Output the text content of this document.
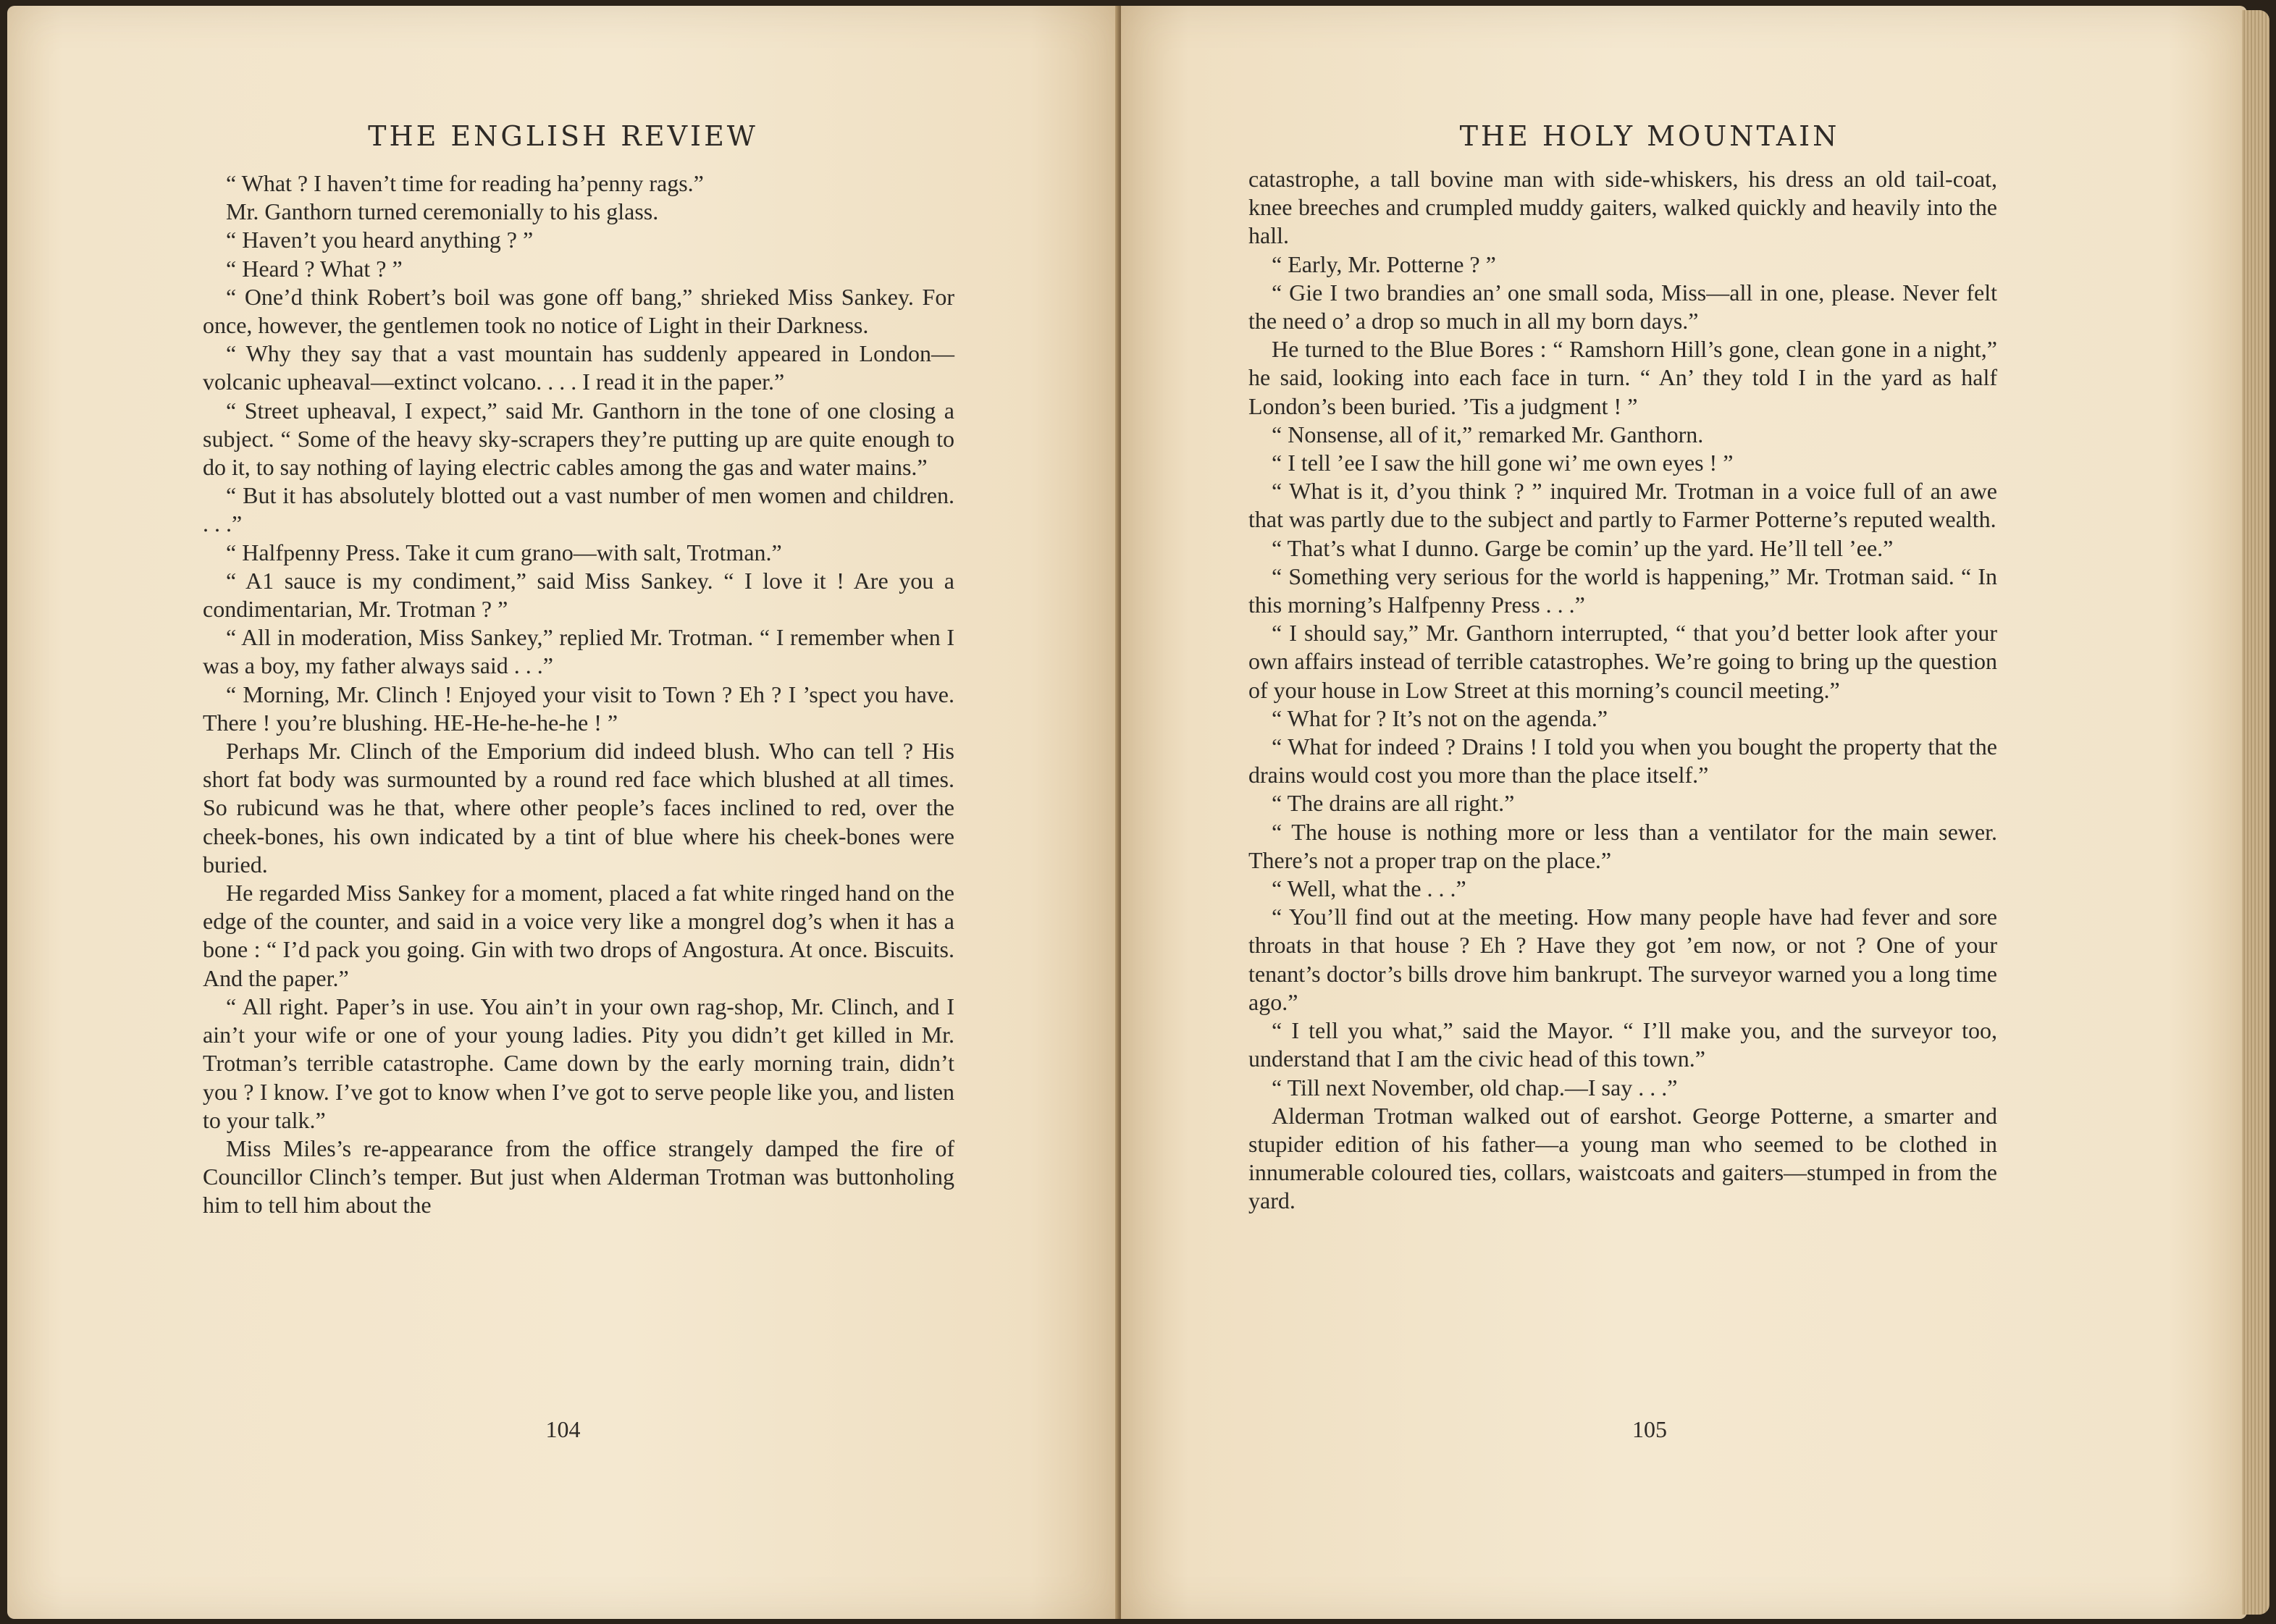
THE ENGLISH REVIEW

“ What ? I haven’t time for reading ha’penny rags.”

Mr. Ganthorn turned ceremonially to his glass.

“ Haven’t you heard anything ? ”

“ Heard ? What ? ”

“ One’d think Robert’s boil was gone off bang,” shrieked Miss Sankey. For once, however, the gentlemen took no notice of Light in their Darkness.

“ Why they say that a vast mountain has suddenly appeared in London—volcanic upheaval—extinct volcano. . . . I read it in the paper.”

“ Street upheaval, I expect,” said Mr. Ganthorn in the tone of one closing a subject. “ Some of the heavy sky-scrapers they’re putting up are quite enough to do it, to say nothing of laying electric cables among the gas and water mains.”

“ But it has absolutely blotted out a vast number of men women and children. . . .”

“ Halfpenny Press. Take it cum grano—with salt, Trotman.”

“ A1 sauce is my condiment,” said Miss Sankey. “ I love it ! Are you a condimentarian, Mr. Trotman ? ”

“ All in moderation, Miss Sankey,” replied Mr. Trotman. “ I remember when I was a boy, my father always said . . .”

“ Morning, Mr. Clinch ! Enjoyed your visit to Town ? Eh ? I ’spect you have. There ! you’re blushing. HE-He-he-he-he ! ”

Perhaps Mr. Clinch of the Emporium did indeed blush. Who can tell ? His short fat body was surmounted by a round red face which blushed at all times. So rubicund was he that, where other people’s faces inclined to red, over the cheek-bones, his own indicated by a tint of blue where his cheek-bones were buried.

He regarded Miss Sankey for a moment, placed a fat white ringed hand on the edge of the counter, and said in a voice very like a mongrel dog’s when it has a bone : “ I’d pack you going. Gin with two drops of Angostura. At once. Biscuits. And the paper.”

“ All right. Paper’s in use. You ain’t in your own rag-shop, Mr. Clinch, and I ain’t your wife or one of your young ladies. Pity you didn’t get killed in Mr. Trotman’s terrible catastrophe. Came down by the early morning train, didn’t you ? I know. I’ve got to know when I’ve got to serve people like you, and listen to your talk.”

Miss Miles’s re-appearance from the office strangely damped the fire of Councillor Clinch’s temper. But just when Alderman Trotman was buttonholing him to tell him about the

104
THE HOLY MOUNTAIN

catastrophe, a tall bovine man with side-whiskers, his dress an old tail-coat, knee breeches and crumpled muddy gaiters, walked quickly and heavily into the hall.

“ Early, Mr. Potterne ? ”

“ Gie I two brandies an’ one small soda, Miss—all in one, please. Never felt the need o’ a drop so much in all my born days.”

He turned to the Blue Bores : “ Ramshorn Hill’s gone, clean gone in a night,” he said, looking into each face in turn. “ An’ they told I in the yard as half London’s been buried. ’Tis a judgment ! ”

“ Nonsense, all of it,” remarked Mr. Ganthorn.

“ I tell ’ee I saw the hill gone wi’ me own eyes ! ”

“ What is it, d’you think ? ” inquired Mr. Trotman in a voice full of an awe that was partly due to the subject and partly to Farmer Potterne’s reputed wealth.

“ That’s what I dunno. Garge be comin’ up the yard. He’ll tell ’ee.”

“ Something very serious for the world is happening,” Mr. Trotman said. “ In this morning’s Halfpenny Press . . .”

“ I should say,” Mr. Ganthorn interrupted, “ that you’d better look after your own affairs instead of terrible catastrophes. We’re going to bring up the question of your house in Low Street at this morning’s council meeting.”

“ What for ? It’s not on the agenda.”

“ What for indeed ? Drains ! I told you when you bought the property that the drains would cost you more than the place itself.”

“ The drains are all right.”

“ The house is nothing more or less than a ventilator for the main sewer. There’s not a proper trap on the place.”

“ Well, what the . . .”

“ You’ll find out at the meeting. How many people have had fever and sore throats in that house ? Eh ? Have they got ’em now, or not ? One of your tenant’s doctor’s bills drove him bankrupt. The surveyor warned you a long time ago.”

“ I tell you what,” said the Mayor. “ I’ll make you, and the surveyor too, understand that I am the civic head of this town.”

“ Till next November, old chap.—I say . . .”

Alderman Trotman walked out of earshot. George Potterne, a smarter and stupider edition of his father—a young man who seemed to be clothed in innumerable coloured ties, collars, waistcoats and gaiters—stumped in from the yard.

105
